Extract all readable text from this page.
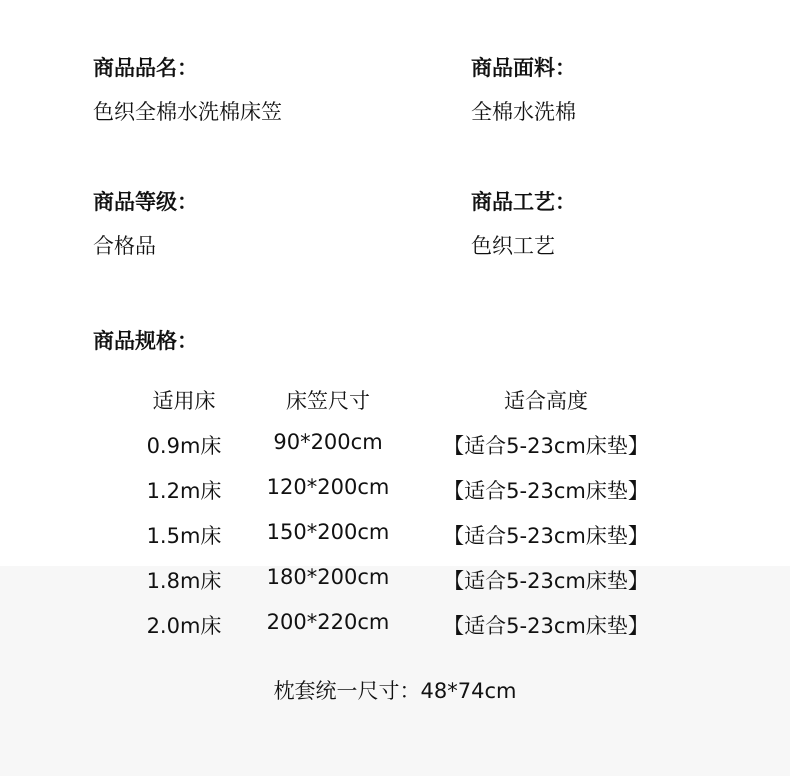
商品品名：
色织全棉水洗棉床笠
商品面料：
全棉水洗棉
商品等级：
合格品
商品工艺：
色织工艺
商品规格：
适用床	床笠尺寸	适合高度
0.9m床	90*200cm	【适合5-23cm床垫】
1.2m床	120*200cm	【适合5-23cm床垫】
1.5m床	150*200cm	【适合5-23cm床垫】
1.8m床	180*200cm	【适合5-23cm床垫】
2.0m床	200*220cm	【适合5-23cm床垫】
枕套统一尺寸：48*74cm
